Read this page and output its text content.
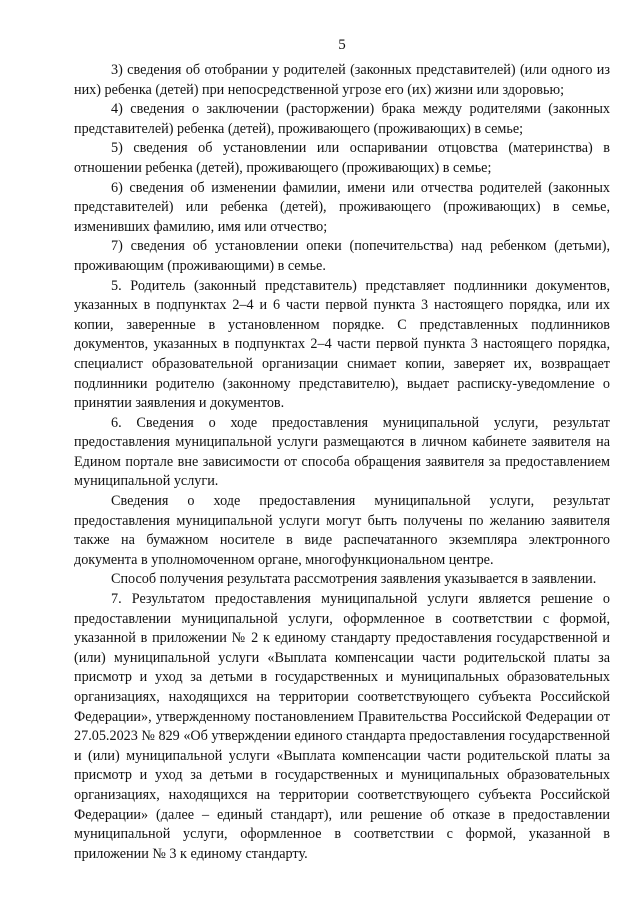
5

3) сведения об отобрании у родителей (законных представителей) (или одного из них) ребенка (детей) при непосредственной угрозе его (их) жизни или здоровью;

4) сведения о заключении (расторжении) брака между родителями (законных представителей) ребенка (детей), проживающего (проживающих) в семье;

5) сведения об установлении или оспаривании отцовства (материнства) в отношении ребенка (детей), проживающего (проживающих) в семье;

6) сведения об изменении фамилии, имени или отчества родителей (законных представителей) или ребенка (детей), проживающего (проживающих) в семье, изменивших фамилию, имя или отчество;

7) сведения об установлении опеки (попечительства) над ребенком (детьми), проживающим (проживающими) в семье.

5. Родитель (законный представитель) представляет подлинники документов, указанных в подпунктах 2–4 и 6 части первой пункта 3 настоящего порядка, или их копии, заверенные в установленном порядке. С представленных подлинников документов, указанных в подпунктах 2–4 части первой пункта 3 настоящего порядка, специалист образовательной организации снимает копии, заверяет их, возвращает подлинники родителю (законному представителю), выдает расписку-уведомление о принятии заявления и документов.

6. Сведения о ходе предоставления муниципальной услуги, результат предоставления муниципальной услуги размещаются в личном кабинете заявителя на Едином портале вне зависимости от способа обращения заявителя за предоставлением муниципальной услуги.

Сведения о ходе предоставления муниципальной услуги, результат предоставления муниципальной услуги могут быть получены по желанию заявителя также на бумажном носителе в виде распечатанного экземпляра электронного документа в уполномоченном органе, многофункциональном центре.

Способ получения результата рассмотрения заявления указывается в заявлении.

7. Результатом предоставления муниципальной услуги является решение о предоставлении муниципальной услуги, оформленное в соответствии с формой, указанной в приложении № 2 к единому стандарту предоставления государственной и (или) муниципальной услуги «Выплата компенсации части родительской платы за присмотр и уход за детьми в государственных и муниципальных образовательных организациях, находящихся на территории соответствующего субъекта Российской Федерации», утвержденному постановлением Правительства Российской Федерации от 27.05.2023 № 829 «Об утверждении единого стандарта предоставления государственной и (или) муниципальной услуги «Выплата компенсации части родительской платы за присмотр и уход за детьми в государственных и муниципальных образовательных организациях, находящихся на территории соответствующего субъекта Российской Федерации» (далее – единый стандарт), или решение об отказе в предоставлении муниципальной услуги, оформленное в соответствии с формой, указанной в приложении № 3 к единому стандарту.
